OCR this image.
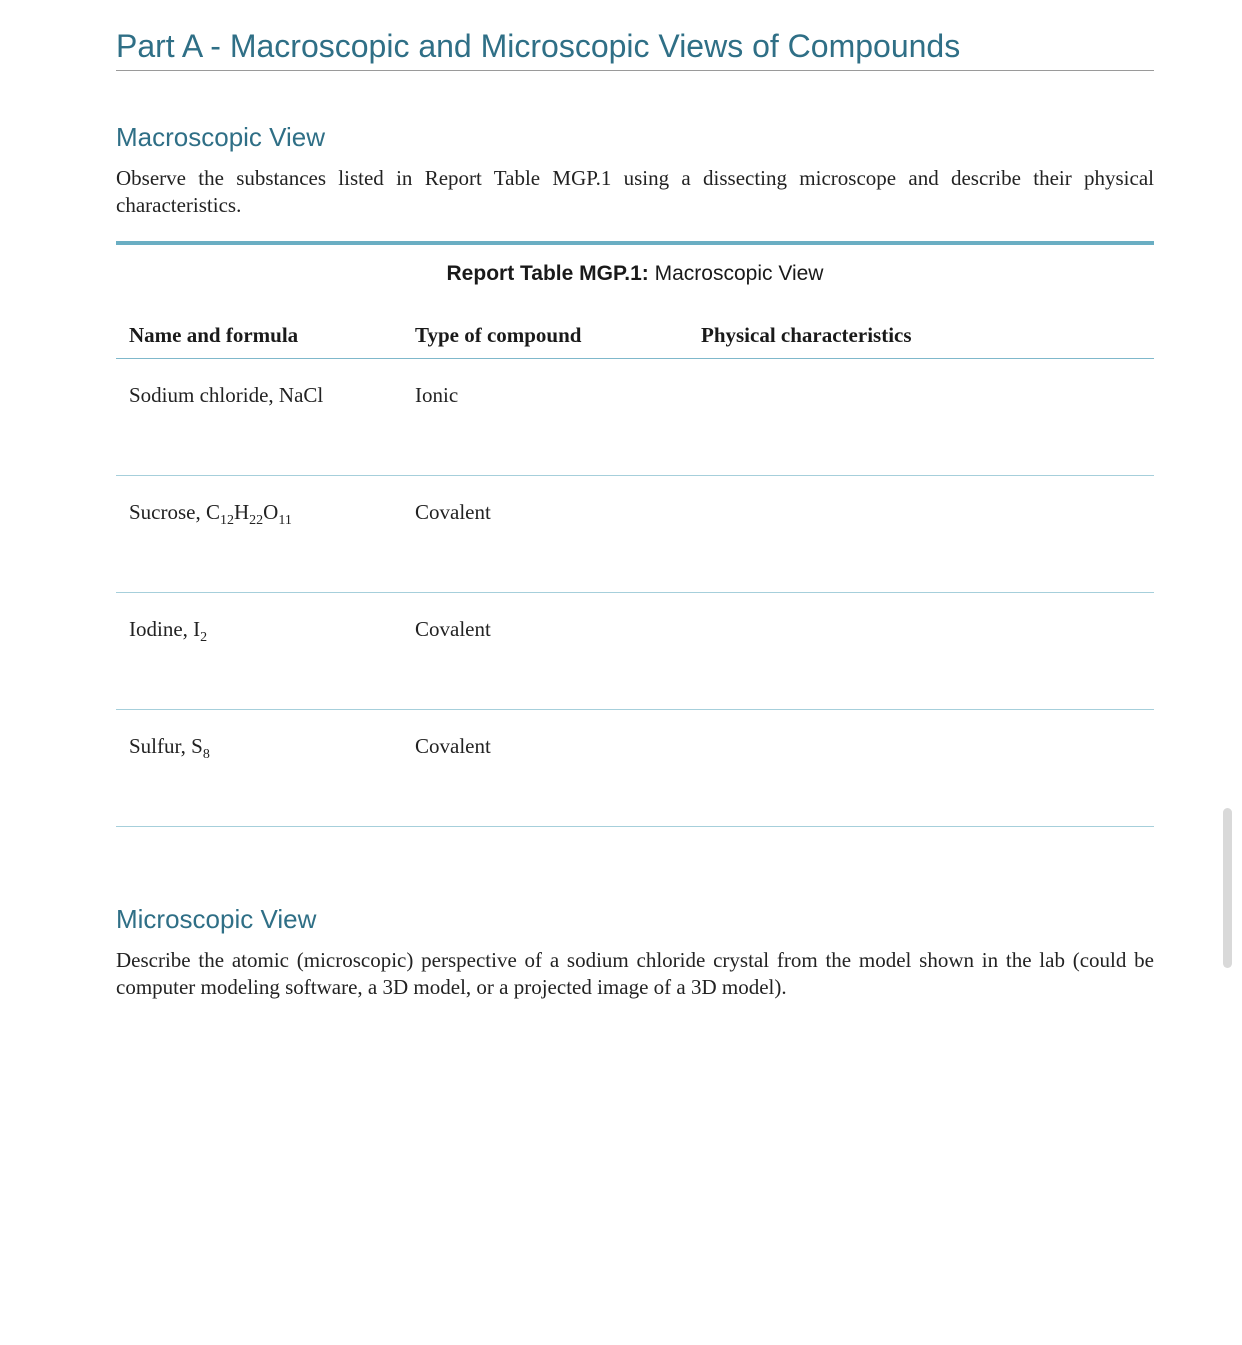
Part A - Macroscopic and Microscopic Views of Compounds
Macroscopic View

Observe the substances listed in Report Table MGP.1 using a dissecting microscope and describe their physical characteristics.

Report Table MGP.1: Macroscopic View
Name and formula	Type of compound	Physical characteristics
Sodium chloride, NaCl	Ionic	
Sucrose, $C_{12}H_{22}O_{11}$	Covalent	
Iodine, $I_2$	Covalent	
Sulfur, $S_8$	Covalent	
Microscopic View

Describe the atomic (microscopic) perspective of a sodium chloride crystal from the model shown in the lab (could be computer modeling software, a 3D model, or a projected image of a 3D model).
